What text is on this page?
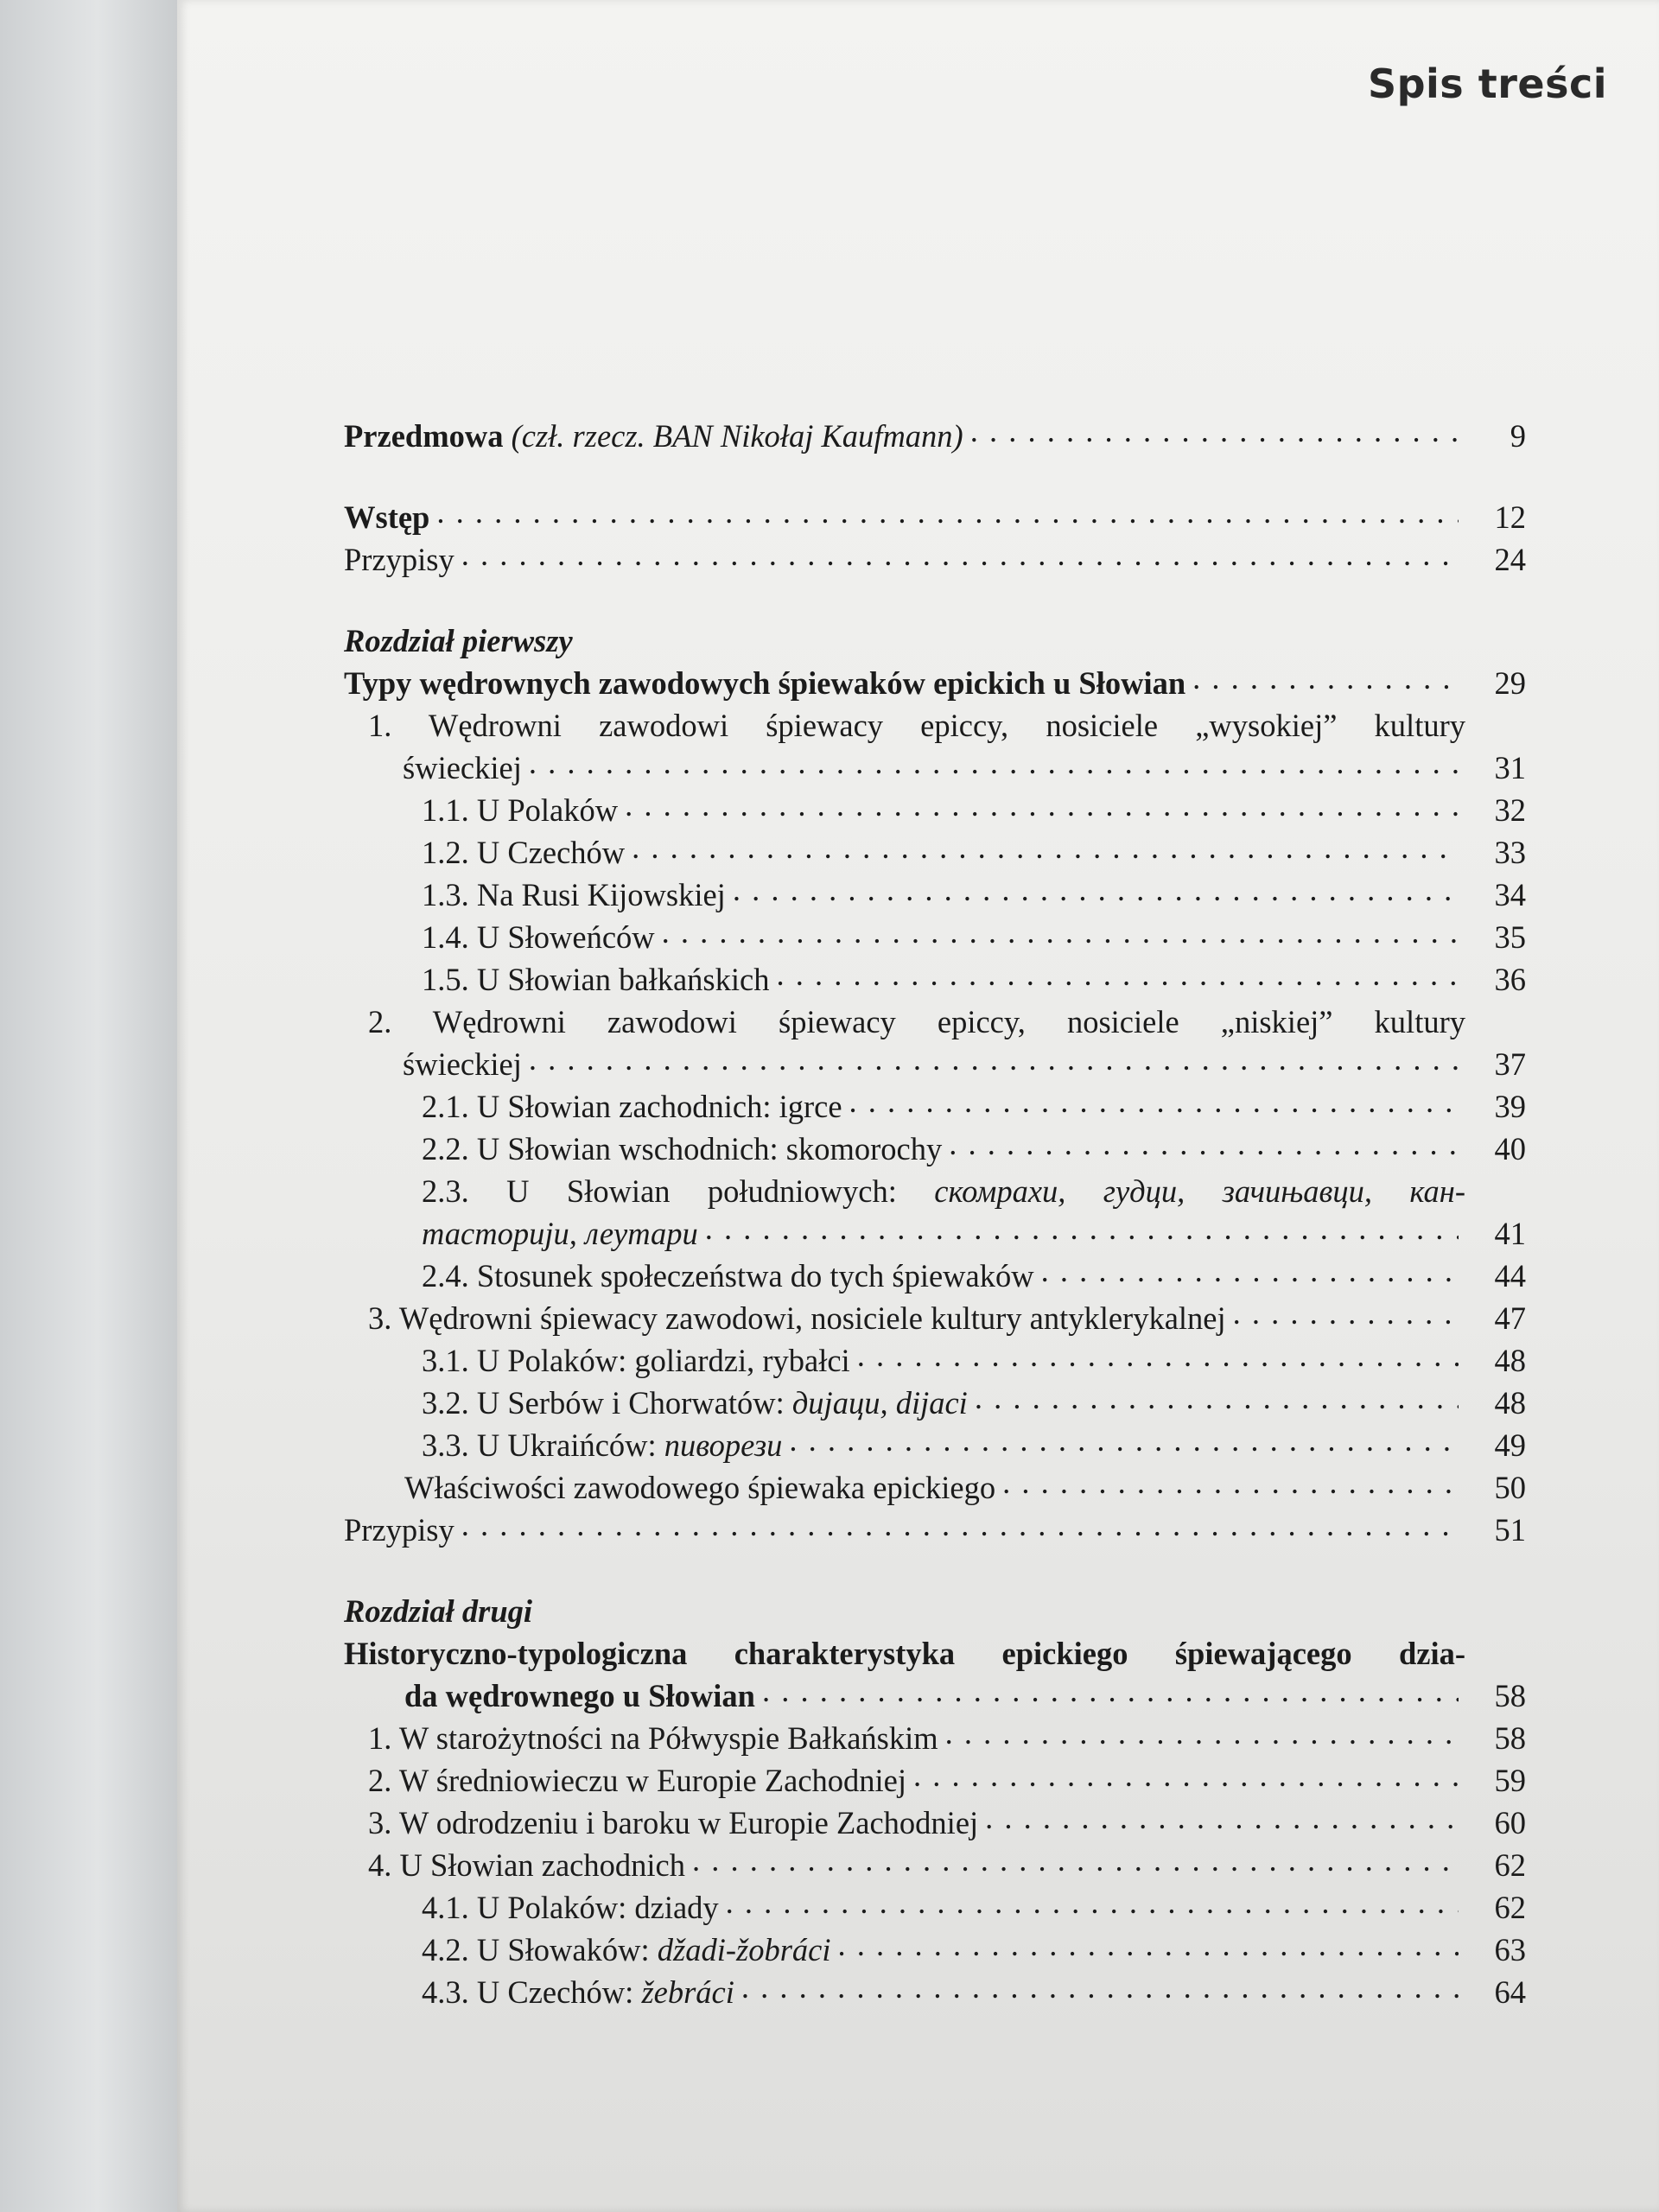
Spis treści
Przedmowa (czł. rzecz. BAN Nikołaj Kaufmann) . . .	9
Wstęp . . .	12
Przypisy . . .	24
Rozdział pierwszy
Typy wędrownych zawodowych śpiewaków epickich u Słowian . . .	29
1. Wędrowni zawodowi śpiewacy epiccy, nosiciele „wysokiej” kultury
świeckiej . . .	31
1.1. U Polaków . . .	32
1.2. U Czechów . . .	33
1.3. Na Rusi Kijowskiej . . .	34
1.4. U Słoweńców . . .	35
1.5. U Słowian bałkańskich . . .	36
2. Wędrowni zawodowi śpiewacy epiccy, nosiciele „niskiej” kultury
świeckiej . . .	37
2.1. U Słowian zachodnich: igrce . . .	39
2.2. U Słowian wschodnich: skomorochy . . .	40
2.3. U Słowian południowych: скомрахи, гудци, зачињавци, кан-
тасторији, леутари . . .	41
2.4. Stosunek społeczeństwa do tych śpiewaków . . .	44
3. Wędrowni śpiewacy zawodowi, nosiciele kultury antyklerykalnej . . .	47
3.1. U Polaków: goliardzi, rybałci . . .	48
3.2. U Serbów i Chorwatów: дијаци, dijaci . . .	48
3.3. U Ukraińców: пиворези . . .	49
Właściwości zawodowego śpiewaka epickiego . . .	50
Przypisy . . .	51
Rozdział drugi
Historyczno-typologiczna charakterystyka epickiego śpiewającego dzia-
da wędrownego u Słowian . . .	58
1. W starożytności na Półwyspie Bałkańskim . . .	58
2. W średniowieczu w Europie Zachodniej . . .	59
3. W odrodzeniu i baroku w Europie Zachodniej . . .	60
4. U Słowian zachodnich . . .	62
4.1. U Polaków: dziady . . .	62
4.2. U Słowaków: džadi-žobráci . . .	63
4.3. U Czechów: žebráci . . .	64
